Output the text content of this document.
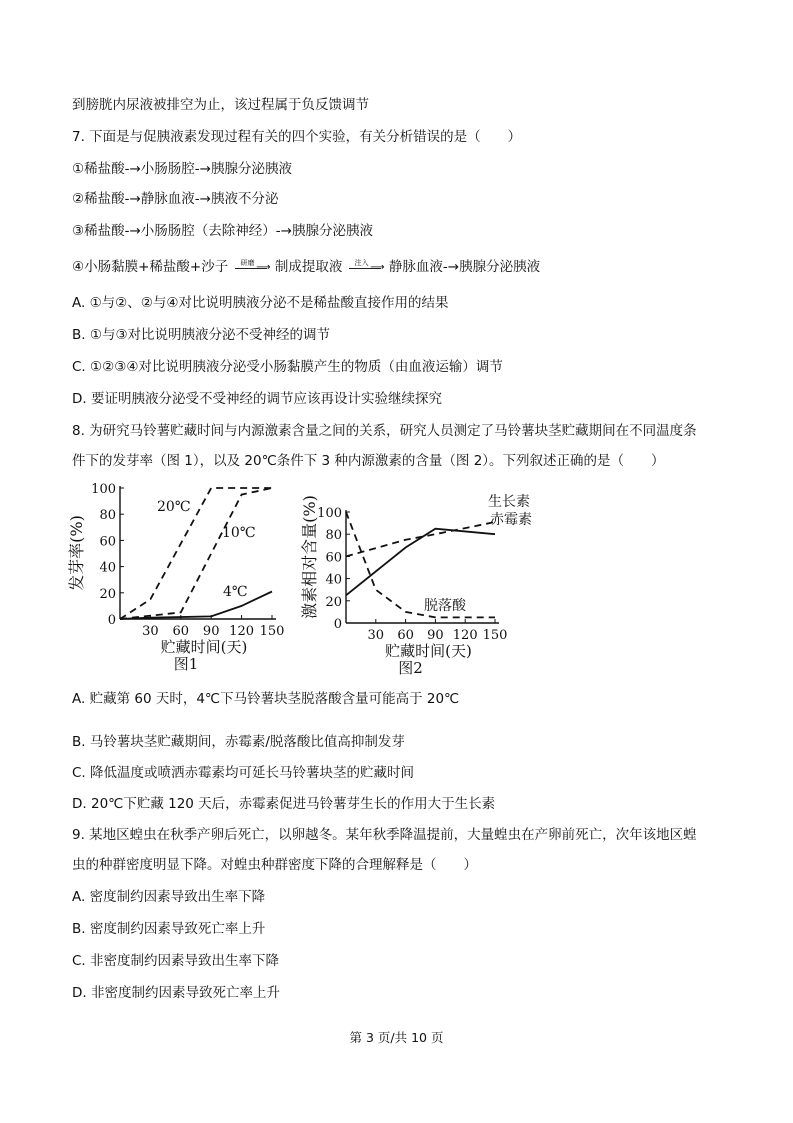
到膀胱内尿液被排空为止，该过程属于负反馈调节
7. 下面是与促胰液素发现过程有关的四个实验，有关分析错误的是（　　）
①稀盐酸-→小肠肠腔-→胰腺分泌胰液
②稀盐酸-→静脉血液-→胰液不分泌
③稀盐酸-→小肠肠腔（去除神经）-→胰腺分泌胰液
④小肠黏膜+稀盐酸+沙子 研磨 ⟶ 制成提取液 注入 ⟶ 静脉血液-→胰腺分泌胰液
A. ①与②、②与④对比说明胰液分泌不是稀盐酸直接作用的结果
B. ①与③对比说明胰液分泌不受神经的调节
C. ①②③④对比说明胰液分泌受小肠黏膜产生的物质（由血液运输）调节
D. 要证明胰液分泌受不受神经的调节应该再设计实验继续探究
8. 为研究马铃薯贮藏时间与内源激素含量之间的关系，研究人员测定了马铃薯块茎贮藏期间在不同温度条
件下的发芽率（图 1），以及 20℃条件下 3 种内源激素的含量（图 2）。下列叙述正确的是（　　）
0
20
40
60
80
100
30 60 90 120 150
贮藏时间(天)
图1
发芽率(%)
20℃
10℃
4℃
0
20
40
60
80
100
30 60 90 120 150
贮藏时间(天)
图2
激素相对含量(%)	生长素
赤霉素
脱落酸
A. 贮藏第 60 天时，4℃下马铃薯块茎脱落酸含量可能高于 20℃
B. 马铃薯块茎贮藏期间，赤霉素/脱落酸比值高抑制发芽
C. 降低温度或喷洒赤霉素均可延长马铃薯块茎的贮藏时间
D. 20℃下贮藏 120 天后，赤霉素促进马铃薯芽生长的作用大于生长素
9. 某地区蝗虫在秋季产卵后死亡，以卵越冬。某年秋季降温提前，大量蝗虫在产卵前死亡，次年该地区蝗
虫的种群密度明显下降。对蝗虫种群密度下降的合理解释是（　　）
A. 密度制约因素导致出生率下降
B. 密度制约因素导致死亡率上升
C. 非密度制约因素导致出生率下降
D. 非密度制约因素导致死亡率上升
第 3 页/共 10 页
